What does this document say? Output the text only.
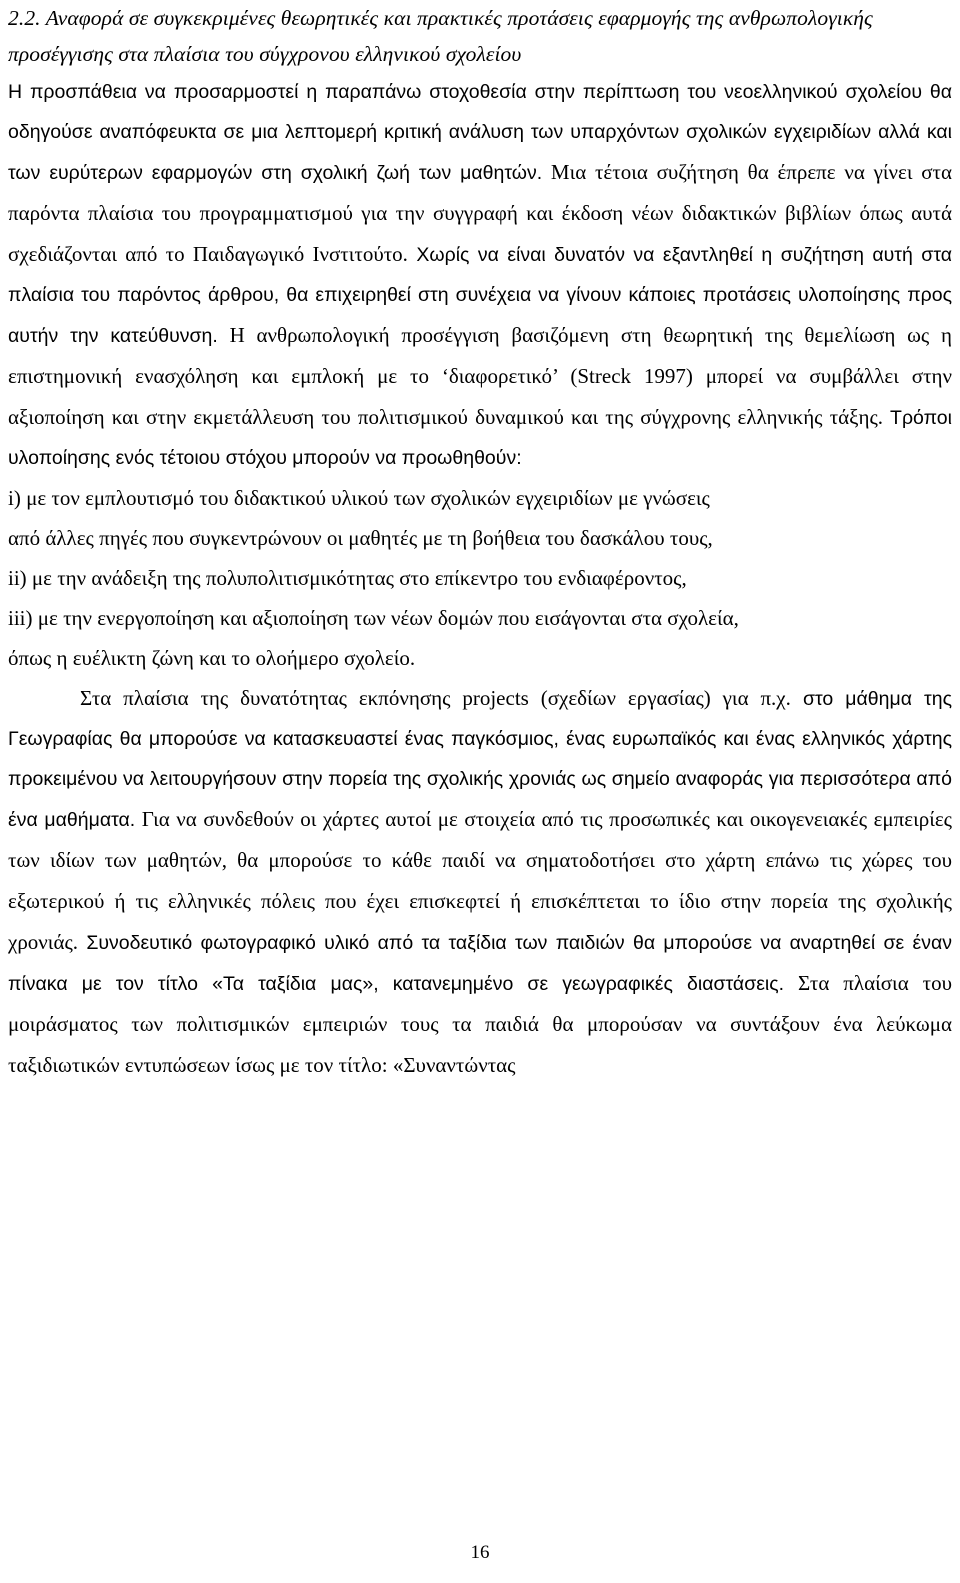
2.2. Αναφορά σε συγκεκριμένες θεωρητικές και πρακτικές προτάσεις εφαρμογής της ανθρωπολογικής προσέγγισης στα πλαίσια του σύγχρονου ελληνικού σχολείου

Η προσπάθεια να προσαρμοστεί η παραπάνω στοχοθεσία στην περίπτωση του νεοελληνικού σχολείου θα οδηγούσε αναπόφευκτα σε μια λεπτομερή κριτική ανάλυση των υπαρχόντων σχολικών εγχειριδίων αλλά και των ευρύτερων εφαρμογών στη σχολική ζωή των μαθητών. Μια τέτοια συζήτηση θα έπρεπε να γίνει στα παρόντα πλαίσια του προγραμματισμού για την συγγραφή και έκδοση νέων διδακτικών βιβλίων όπως αυτά σχεδιάζονται από το Παιδαγωγικό Ινστιτούτο. Χωρίς να είναι δυνατόν να εξαντληθεί η συζήτηση αυτή στα πλαίσια του παρόντος άρθρου, θα επιχειρηθεί στη συνέχεια να γίνουν κάποιες προτάσεις υλοποίησης προς αυτήν την κατεύθυνση. Η ανθρωπολογική προσέγγιση βασιζόμενη στη θεωρητική της θεμελίωση ως η επιστημονική ενασχόληση και εμπλοκή με το ‘διαφορετικό’ (Streck 1997) μπορεί να συμβάλλει στην αξιοποίηση και στην εκμετάλλευση του πολιτισμικού δυναμικού και της σύγχρονης ελληνικής τάξης. Τρόποι υλοποίησης ενός τέτοιου στόχου μπορούν να προωθηθούν:

i) με τον εμπλουτισμό του διδακτικού υλικού των σχολικών εγχειριδίων με γνώσεις
από άλλες πηγές που συγκεντρώνουν οι μαθητές με τη βοήθεια του δασκάλου τους,
ii) με την ανάδειξη της πολυπολιτισμικότητας στο επίκεντρο του ενδιαφέροντος,
iii) με την ενεργοποίηση και αξιοποίηση των νέων δομών που εισάγονται στα σχολεία,
όπως η ευέλικτη ζώνη και το ολοήμερο σχολείο.

Στα πλαίσια της δυνατότητας εκπόνησης projects (σχεδίων εργασίας) για π.χ. στο μάθημα της Γεωγραφίας θα μπορούσε να κατασκευαστεί ένας παγκόσμιος, ένας ευρωπαϊκός και ένας ελληνικός χάρτης προκειμένου να λειτουργήσουν στην πορεία της σχολικής χρονιάς ως σημείο αναφοράς για περισσότερα από ένα μαθήματα. Για να συνδεθούν οι χάρτες αυτοί με στοιχεία από τις προσωπικές και οικογενειακές εμπειρίες των ιδίων των μαθητών, θα μπορούσε το κάθε παιδί να σηματοδοτήσει στο χάρτη επάνω τις χώρες του εξωτερικού ή τις ελληνικές πόλεις που έχει επισκεφτεί ή επισκέπτεται το ίδιο στην πορεία της σχολικής χρονιάς. Συνοδευτικό φωτογραφικό υλικό από τα ταξίδια των παιδιών θα μπορούσε να αναρτηθεί σε έναν πίνακα με τον τίτλο «Τα ταξίδια μας», κατανεμημένο σε γεωγραφικές διαστάσεις. Στα πλαίσια του μοιράσματος των πολιτισμικών εμπειριών τους τα παιδιά θα μπορούσαν να συντάξουν ένα λεύκωμα ταξιδιωτικών εντυπώσεων ίσως με τον τίτλο: «Συναντώντας

16
